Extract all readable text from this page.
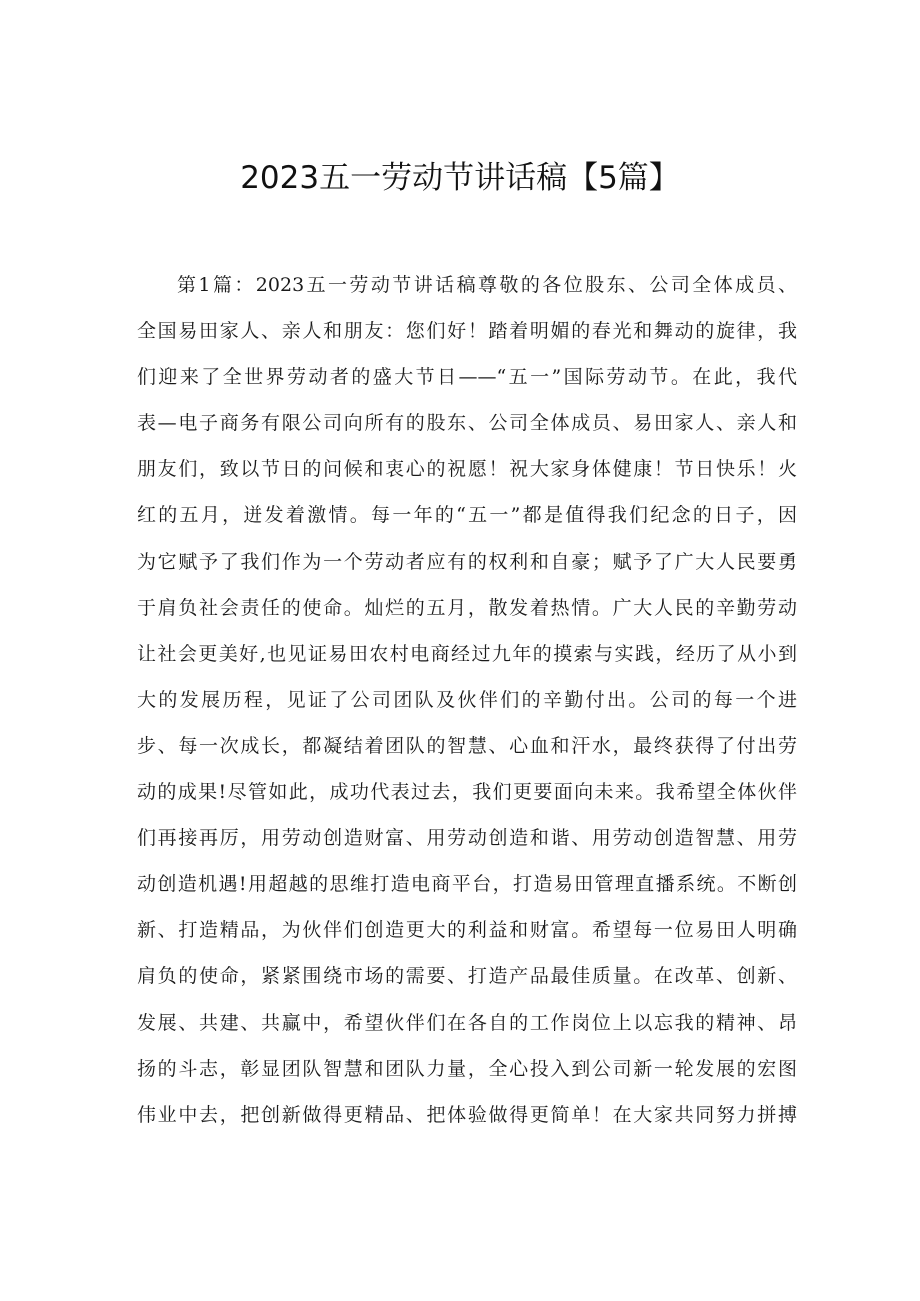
2023五一劳动节讲话稿【5篇】
第1篇：2023五一劳动节讲话稿尊敬的各位股东、公司全体成员、
全国易田家人、亲人和朋友：您们好！踏着明媚的春光和舞动的旋律，我
们迎来了全世界劳动者的盛大节日——“五一”国际劳动节。在此，我代
表—电子商务有限公司向所有的股东、公司全体成员、易田家人、亲人和
朋友们，致以节日的问候和衷心的祝愿！祝大家身体健康！节日快乐！火
红的五月，迸发着激情。每一年的“五一”都是值得我们纪念的日子，因
为它赋予了我们作为一个劳动者应有的权利和自豪；赋予了广大人民要勇
于肩负社会责任的使命。灿烂的五月，散发着热情。广大人民的辛勤劳动
让社会更美好,也见证易田农村电商经过九年的摸索与实践，经历了从小到
大的发展历程，见证了公司团队及伙伴们的辛勤付出。公司的每一个进
步、每一次成长，都凝结着团队的智慧、心血和汗水，最终获得了付出劳
动的成果!尽管如此，成功代表过去，我们更要面向未来。我希望全体伙伴
们再接再厉，用劳动创造财富、用劳动创造和谐、用劳动创造智慧、用劳
动创造机遇!用超越的思维打造电商平台，打造易田管理直播系统。不断创
新、打造精品，为伙伴们创造更大的利益和财富。希望每一位易田人明确
肩负的使命，紧紧围绕市场的需要、打造产品最佳质量。在改革、创新、
发展、共建、共赢中，希望伙伴们在各自的工作岗位上以忘我的精神、昂
扬的斗志，彰显团队智慧和团队力量，全心投入到公司新一轮发展的宏图
伟业中去，把创新做得更精品、把体验做得更简单！在大家共同努力拼搏
